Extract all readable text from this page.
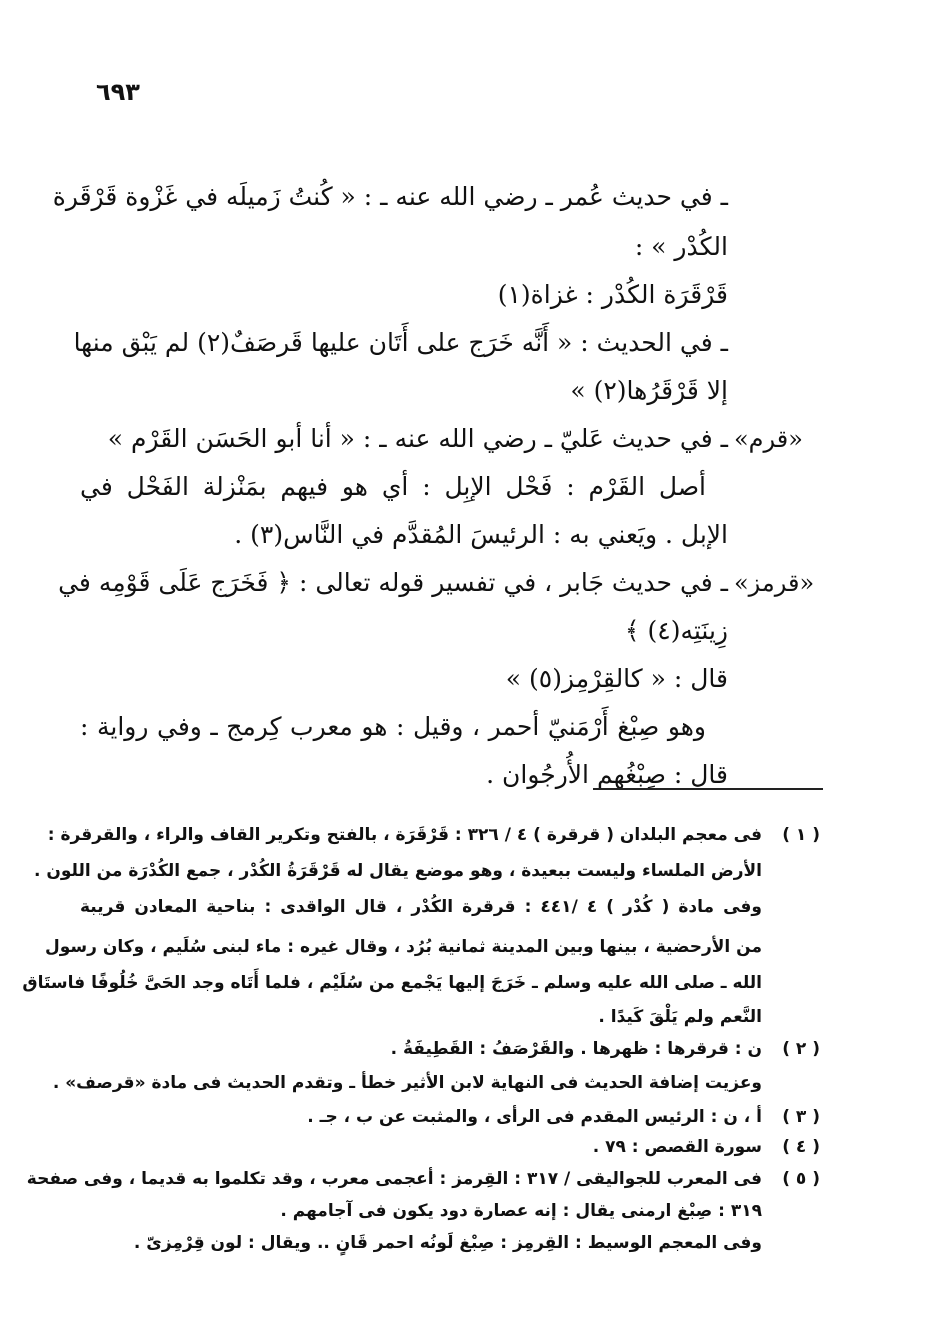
٦٩٣
ـ في حديث عُمر ـ رضي الله عنه ـ : « كُنتُ زَميلَه في غَزْوة قَرْقَرة
الكُدْر » :
قَرْقَرَة الكُدْر : غزاة(١)
ـ في الحديث : « أَنَّه خَرَج على أَتَان عليها قَرصَفٌ(٢) لم يَبْق منها
إلا قَرْقَرُها(٢) »
ـ في حديث عَليّ ـ رضي الله عنه ـ : « أنا أبو الحَسَن القَرْم »
أصل القَرْم : فَحْل الإبِل : أي هو فيهم بمَنْزلة الفَحْل في
الإبل . ويَعني به : الرئيسَ المُقدَّم في النَّاس(٣) .
ـ في حديث جَابر ، في تفسير قوله تعالى : ﴿ فَخَرَج عَلَى قَوْمِه في
زِينَتِه(٤) ﴾
قال : « كالقِرْمِز(٥) »
وهو صِبْغ أَرْمَنيّ أحمر ، وقيل : هو معرب كِرمج ـ وفي رواية :
قال : صِبْغُهم الأُرجُوان .
«قرم»
«قرمز»
( ١ )
فى معجم البلدان ( قرقرة ) ٤ / ٣٢٦ : قَرْقَرَة ، بالفتح وتكرير القاف والراء ، والقرقرة :
الأرض الملساء وليست ببعيدة ، وهو موضع يقال له قَرْقَرَةُ الكُدْر ، جمع الكُدْرَة من اللون .
وفى مادة ( كُدْر ) ٤ /٤٤١ : قرقرة الكُدْر ، قال الواقدى : بناحية المعادن قريبة
من الأرحضية ، بينها وبين المدينة ثمانية بُرُد ، وقال غيره : ماء لبنى سُلَيم ، وكان رسول
الله ـ صلى الله عليه وسلم ـ خَرَجَ إليها يَجْمع من سُلَيْم ، فلما أَتَاه وجد الحَىَّ خُلُوفًا فاستَاق
النَّعم ولم يَلْقَ كَيدًا .
( ٢ )
ن : قرقرها : ظهرها . والقَرْصَفُ : القَطِيفَةُ .
وعزيت إضافة الحديث فى النهاية لابن الأثير خطأ ـ وتقدم الحديث فى مادة «قرصف» .
( ٣ )
أ ، ن : الرئيس المقدم فى الرأى ، والمثبت عن ب ، جـ .
( ٤ )
سورة القصص : ٧٩ .
( ٥ )
فى المعرب للجواليقى / ٣١٧ : القِرمز : أعجمى معرب ، وقد تكلموا به قديما ، وفى صفحة
٣١٩ : صِبْغ ارمنى يقال : إنه عصارة دود يكون فى آجامهم .
وفى المعجم الوسيط : القِرمِز : صِبْغ لَونُه احمر قَانٍ .. ويقال : لون قِرْمِزىّ .
